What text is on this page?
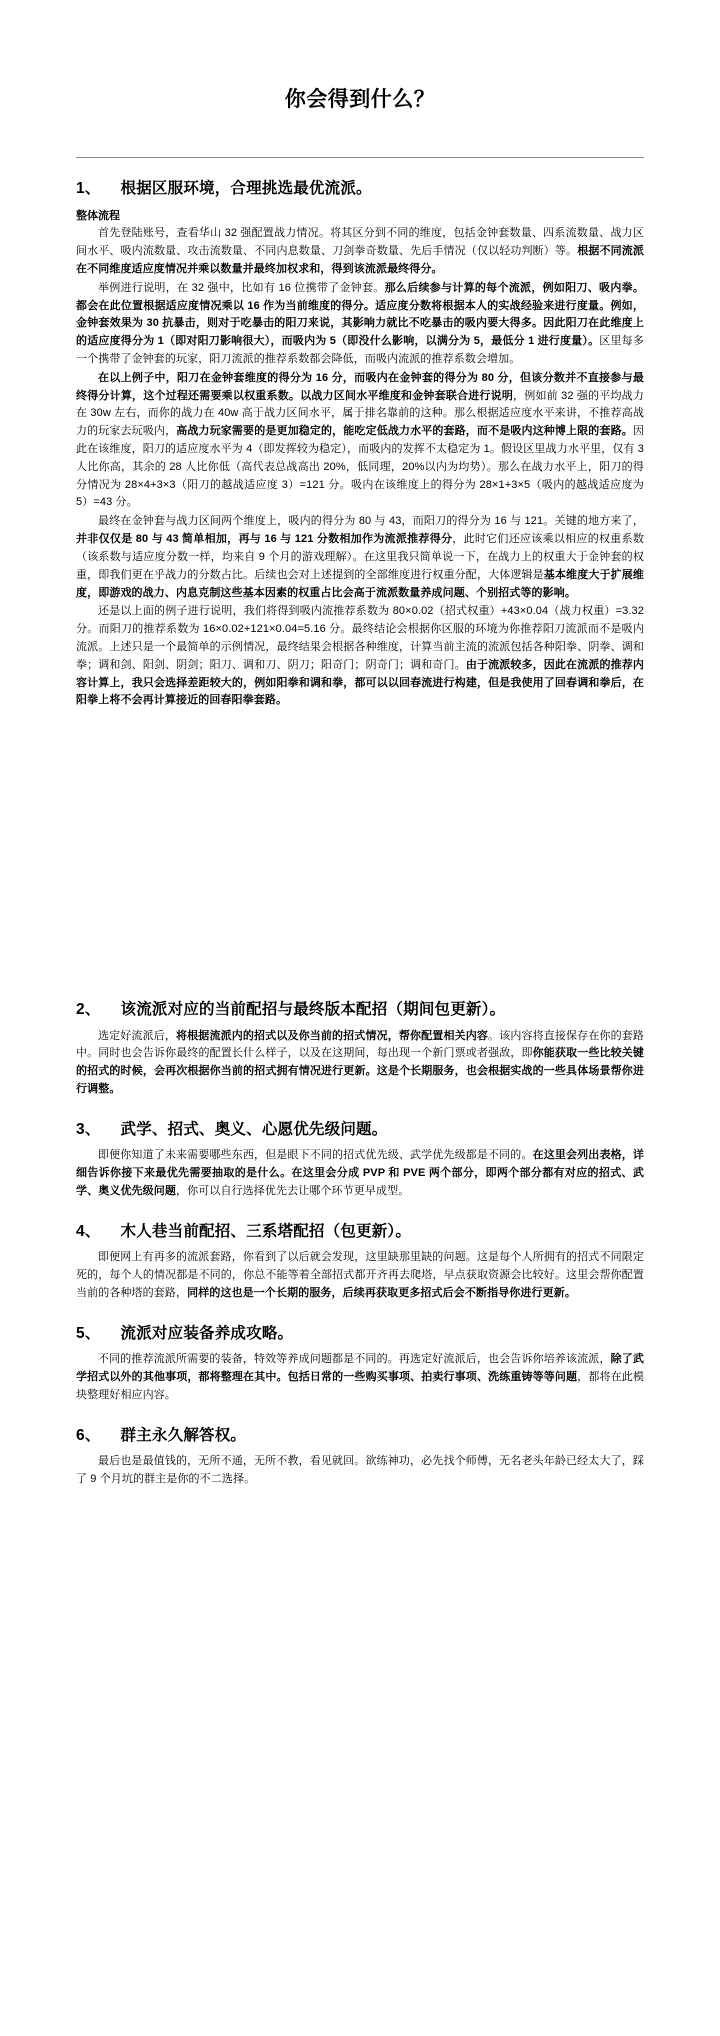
你会得到什么？
1、 根据区服环境，合理挑选最优流派。
整体流程

首先登陆账号，查看华山 32 强配置战力情况。将其区分到不同的维度，包括金钟套数量、四系流数量、战力区间水平、吸内流数量、攻击流数量、不同内息数量、刀剑拳奇数量、先后手情况（仅以轻功判断）等。根据不同流派在不同维度适应度情况并乘以数量并最终加权求和，得到该流派最终得分。

举例进行说明，在 32 强中，比如有 16 位携带了金钟套。那么后续参与计算的每个流派，例如阳刀、吸内拳。都会在此位置根据适应度情况乘以 16 作为当前维度的得分。适应度分数将根据本人的实战经验来进行度量。例如，金钟套效果为 30 抗暴击，则对于吃暴击的阳刀来说，其影响力就比不吃暴击的吸内要大得多。因此阳刀在此维度上的适应度得分为 1（即对阳刀影响很大），而吸内为 5（即没什么影响，以满分为 5，最低分 1 进行度量）。区里每多一个携带了金钟套的玩家，阳刀流派的推荐系数都会降低，而吸内流派的推荐系数会增加。

在以上例子中，阳刀在金钟套维度的得分为 16 分，而吸内在金钟套的得分为 80 分，但该分数并不直接参与最终得分计算，这个过程还需要乘以权重系数。以战力区间水平维度和金钟套联合进行说明，例如前 32 强的平均战力在 30w 左右，而你的战力在 40w 高于战力区间水平，属于排名靠前的这种。那么根据适应度水平来讲，不推荐高战力的玩家去玩吸内，高战力玩家需要的是更加稳定的，能吃定低战力水平的套路，而不是吸内这种博上限的套路。因此在该维度，阳刀的适应度水平为 4（即发挥较为稳定），而吸内的发挥不太稳定为 1。假设区里战力水平里，仅有 3 人比你高，其余的 28 人比你低（高代表总战高出 20%，低同理，20%以内为均势）。那么在战力水平上，阳刀的得分情况为 28×4+3×3（阳刀的越战适应度 3）=121 分。吸内在该维度上的得分为 28×1+3×5（吸内的越战适应度为 5）=43 分。

最终在金钟套与战力区间两个维度上，吸内的得分为 80 与 43，而阳刀的得分为 16 与 121。关键的地方来了，并非仅仅是 80 与 43 简单相加，再与 16 与 121 分数相加作为流派推荐得分，此时它们还应该乘以相应的权重系数（该系数与适应度分数一样，均来自 9 个月的游戏理解）。在这里我只简单说一下，在战力上的权重大于金钟套的权重，即我们更在乎战力的分数占比。后续也会对上述提到的全部维度进行权重分配，大体逻辑是基本维度大于扩展维度，即游戏的战力、内息克制这些基本因素的权重占比会高于流派数量养成问题、个别招式等的影响。

还是以上面的例子进行说明，我们将得到吸内流推荐系数为 80×0.02（招式权重）+43×0.04（战力权重）=3.32 分。而阳刀的推荐系数为 16×0.02+121×0.04=5.16 分。最终结论会根据你区服的环境为你推荐阳刀流派而不是吸内流派。上述只是一个最简单的示例情况，最终结果会根据各种维度，计算当前主流的流派包括各种阳拳、阴拳、调和拳；调和剑、阳剑、阴剑；阳刀、调和刀、阴刀；阳奇门；阴奇门；调和奇门。由于流派较多，因此在流派的推荐内容计算上，我只会选择差距较大的，例如阳拳和调和拳，都可以以回春流进行构建，但是我使用了回春调和拳后，在阳拳上将不会再计算接近的回春阳拳套路。

2、 该流派对应的当前配招与最终版本配招（期间包更新）。

选定好流派后，将根据流派内的招式以及你当前的招式情况，帮你配置相关内容。该内容将直接保存在你的套路中。同时也会告诉你最终的配置长什么样子，以及在这期间，每出现一个新门票或者强敌，即你能获取一些比较关键的招式的时候，会再次根据你当前的招式拥有情况进行更新。这是个长期服务，也会根据实战的一些具体场景帮你进行调整。

3、 武学、招式、奥义、心愿优先级问题。

即便你知道了未来需要哪些东西，但是眼下不同的招式优先级、武学优先级都是不同的。在这里会列出表格，详细告诉你接下来最优先需要抽取的是什么。在这里会分成 PVP 和 PVE 两个部分，即两个部分都有对应的招式、武学、奥义优先级问题，你可以自行选择优先去让哪个环节更早成型。

4、 木人巷当前配招、三系塔配招（包更新）。

即便网上有再多的流派套路，你看到了以后就会发现，这里缺那里缺的问题。这是每个人所拥有的招式不同限定死的，每个人的情况都是不同的，你总不能等着全部招式都开齐再去爬塔，早点获取资源会比较好。这里会帮你配置当前的各种塔的套路，同样的这也是一个长期的服务，后续再获取更多招式后会不断指导你进行更新。

5、 流派对应装备养成攻略。

不同的推荐流派所需要的装备，特效等养成问题都是不同的。再选定好流派后，也会告诉你培养该流派，除了武学招式以外的其他事项，都将整理在其中。包括日常的一些购买事项、拍卖行事项、洗练重铸等等问题，都将在此模块整理好相应内容。

6、 群主永久解答权。

最后也是最值钱的，无所不通，无所不教，看见就回。欲练神功，必先找个师傅，无名老头年龄已经太大了，踩了 9 个月坑的群主是你的不二选择。
